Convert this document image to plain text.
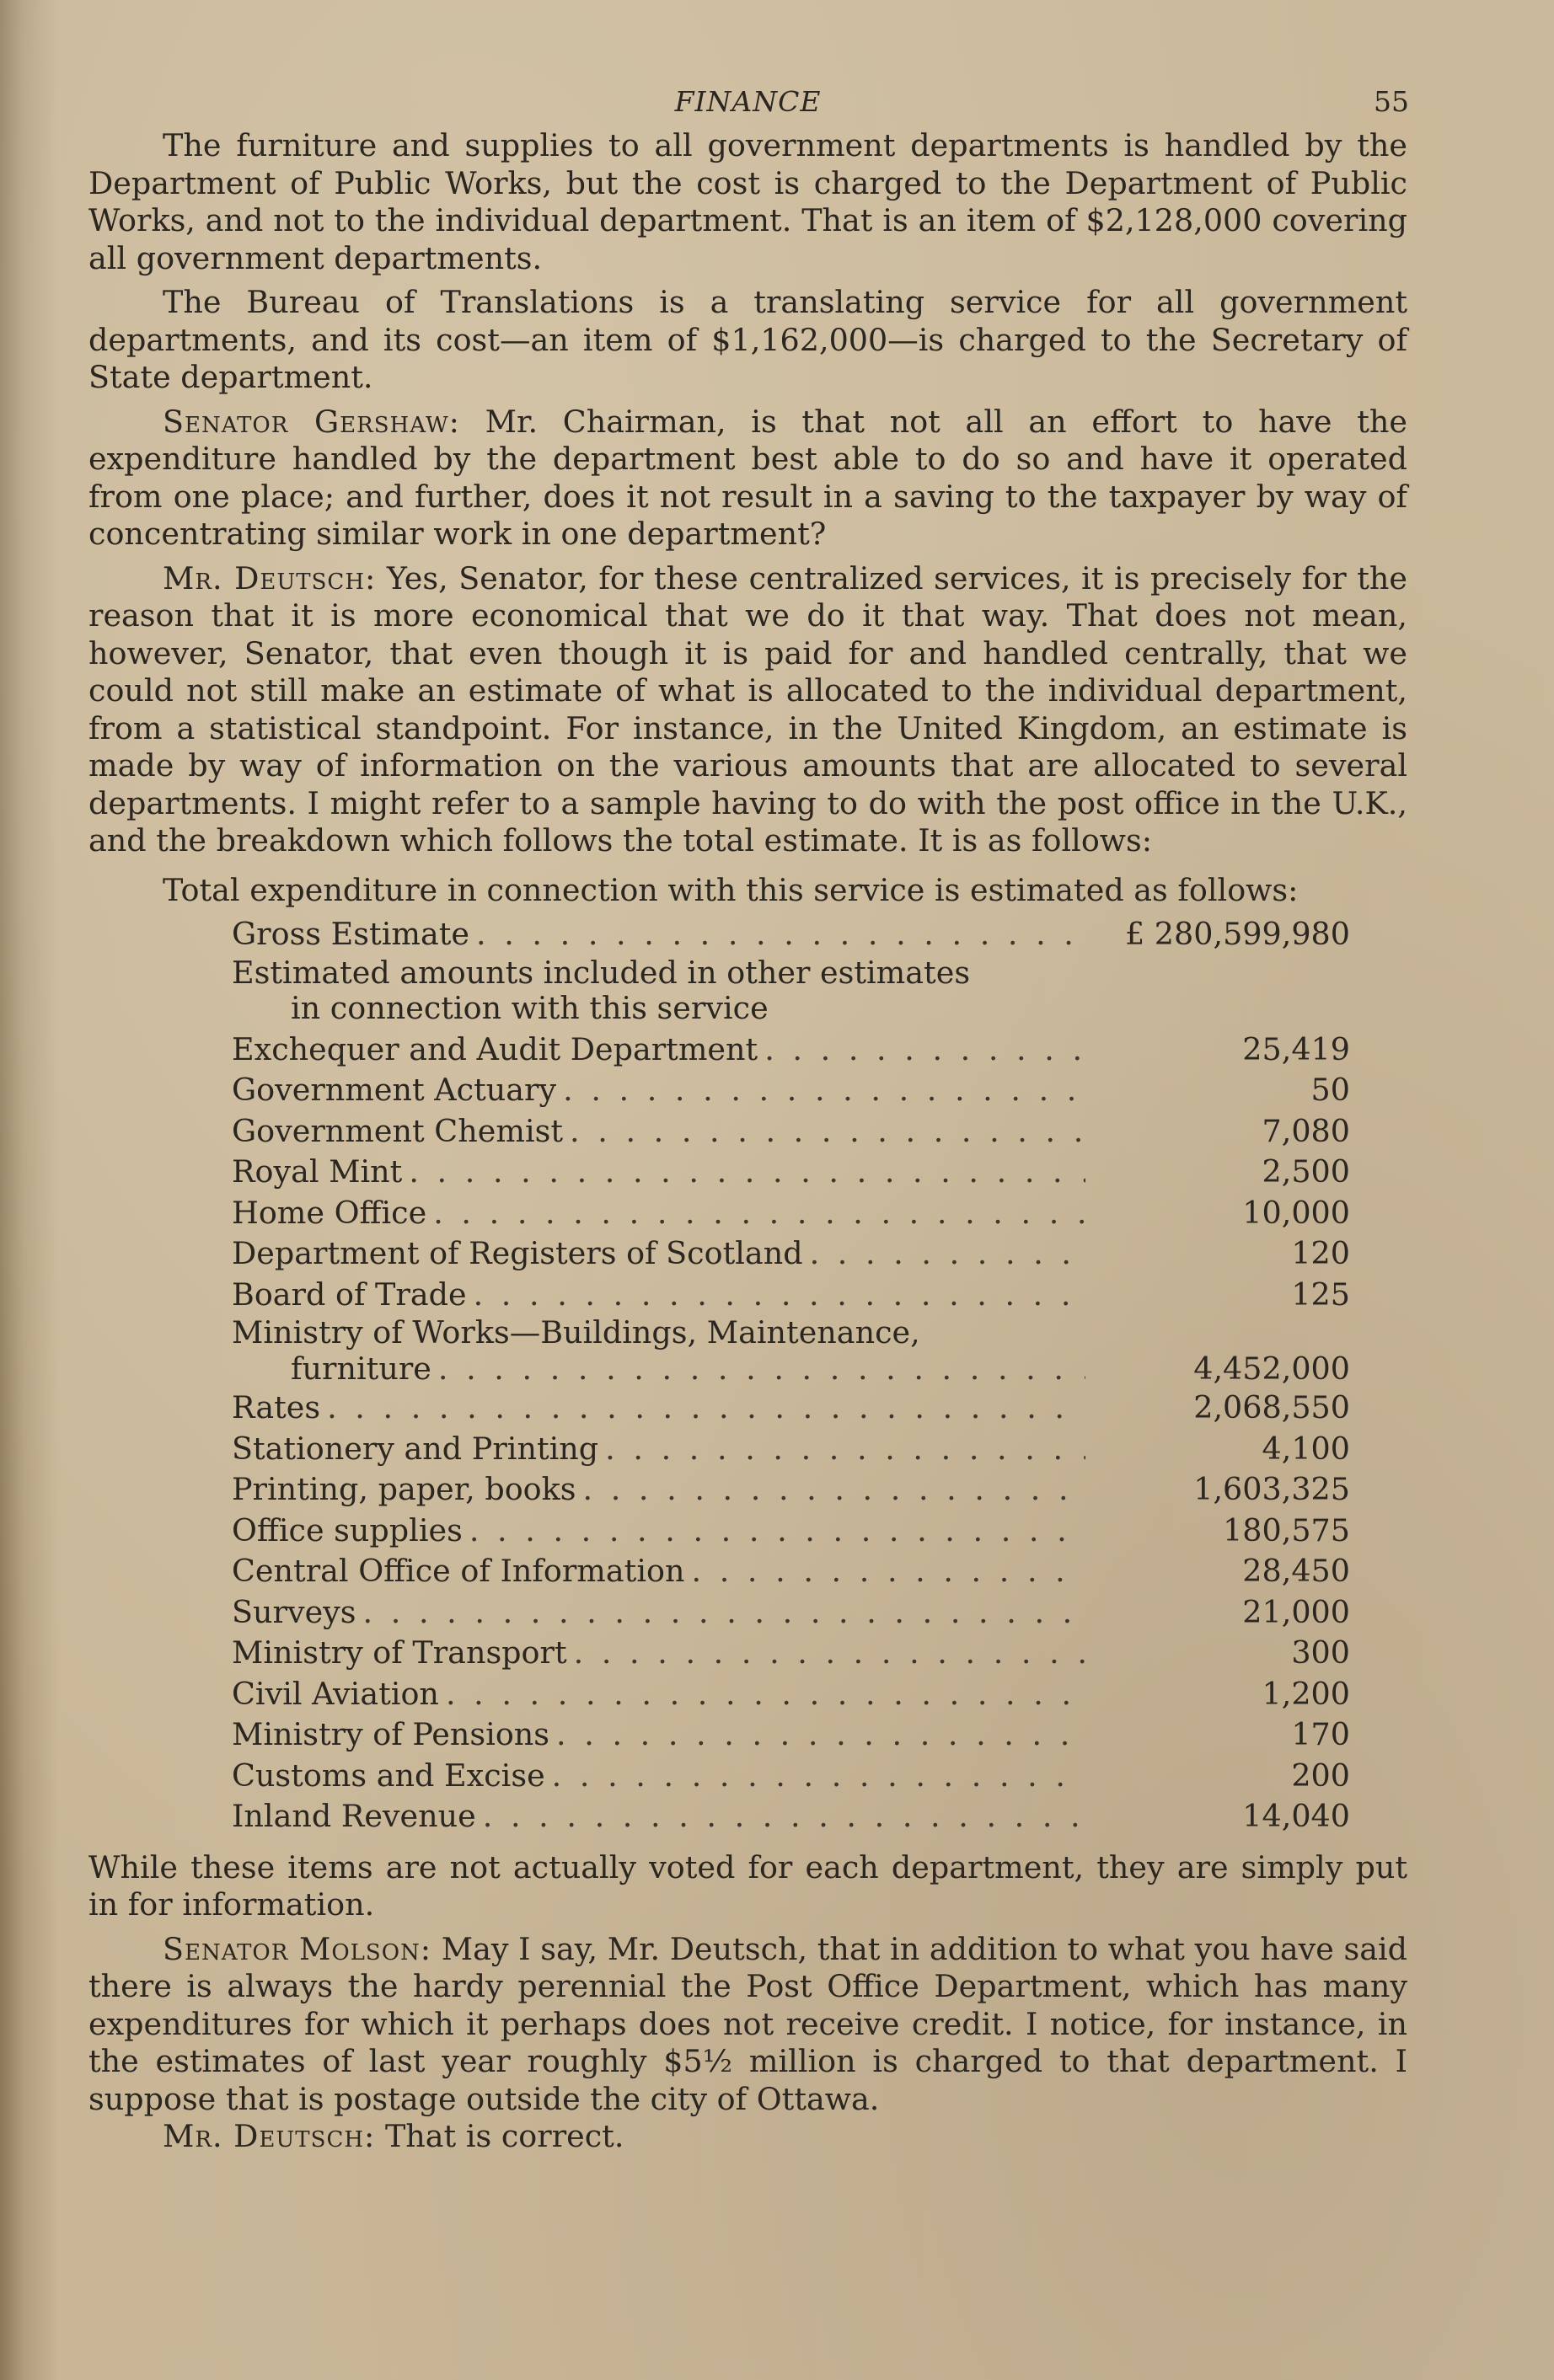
FINANCE	55

The furniture and supplies to all government departments is handled by the Department of Public Works, but the cost is charged to the Department of Public Works, and not to the individual department. That is an item of $2,128,000 covering all government departments.

The Bureau of Translations is a translating service for all government departments, and its cost—an item of $1,162,000—is charged to the Secretary of State department.

Senator Gershaw: Mr. Chairman, is that not all an effort to have the expenditure handled by the department best able to do so and have it operated from one place; and further, does it not result in a saving to the taxpayer by way of concentrating similar work in one department?

Mr. Deutsch: Yes, Senator, for these centralized services, it is precisely for the reason that it is more economical that we do it that way. That does not mean, however, Senator, that even though it is paid for and handled centrally, that we could not still make an estimate of what is allocated to the individual department, from a statistical standpoint. For instance, in the United Kingdom, an estimate is made by way of information on the various amounts that are allocated to several departments. I might refer to a sample having to do with the post office in the U.K., and the breakdown which follows the total estimate. It is as follows:

Total expenditure in connection with this service is estimated as follows:

Gross Estimate . . .	£ 280,599,980
Estimated amounts included in other estimates
in connection with this service
Exchequer and Audit Department . . .	25,419
Government Actuary . . .	50
Government Chemist . . .	7,080
Royal Mint . . .	2,500
Home Office . . .	10,000
Department of Registers of Scotland . . .	120
Board of Trade . . .	125
Ministry of Works—Buildings, Maintenance,
furniture . . .	4,452,000
Rates . . .	2,068,550
Stationery and Printing . . .	4,100
Printing, paper, books . . .	1,603,325
Office supplies . . .	180,575
Central Office of Information . . .	28,450
Surveys . . .	21,000
Ministry of Transport . . .	300
Civil Aviation . . .	1,200
Ministry of Pensions . . .	170
Customs and Excise . . .	200
Inland Revenue . . .	14,040

While these items are not actually voted for each department, they are simply put in for information.

Senator Molson: May I say, Mr. Deutsch, that in addition to what you have said there is always the hardy perennial the Post Office Department, which has many expenditures for which it perhaps does not receive credit. I notice, for instance, in the estimates of last year roughly $5½ million is charged to that department. I suppose that is postage outside the city of Ottawa.

Mr. Deutsch: That is correct.
